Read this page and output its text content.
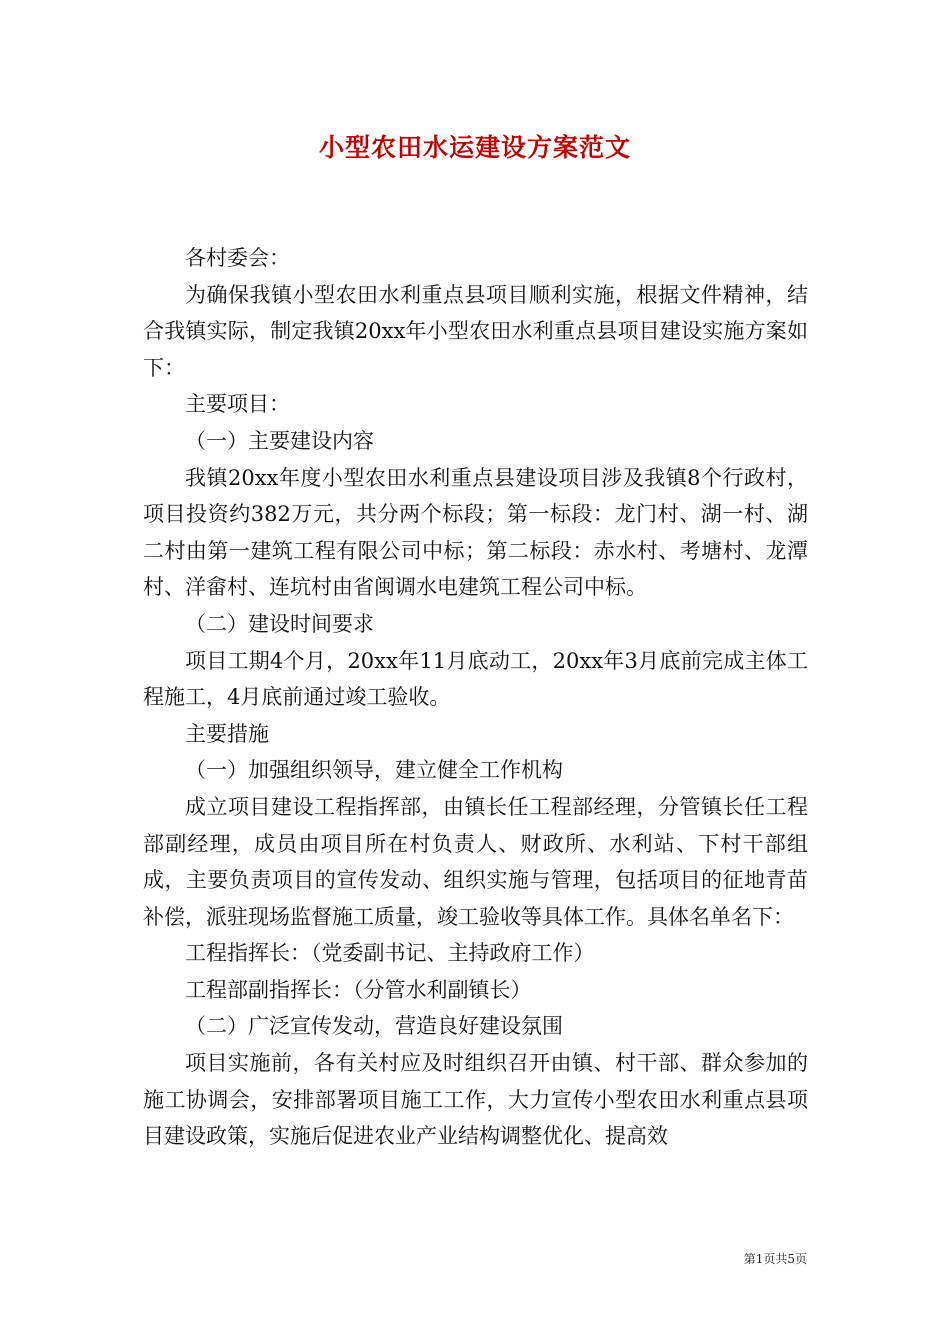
小型农田水运建设方案范文

各村委会：

为确保我镇小型农田水利重点县项目顺利实施，根据文件精神，结合我镇实际，制定我镇20xx年小型农田水利重点县项目建设实施方案如下：

主要项目：

（一）主要建设内容

我镇20xx年度小型农田水利重点县建设项目涉及我镇8个行政村，项目投资约382万元，共分两个标段；第一标段：龙门村、湖一村、湖二村由第一建筑工程有限公司中标；第二标段：赤水村、考塘村、龙潭村、洋畲村、连坑村由省闽调水电建筑工程公司中标。

（二）建设时间要求

项目工期4个月，20xx年11月底动工，20xx年3月底前完成主体工程施工，4月底前通过竣工验收。

主要措施

（一）加强组织领导，建立健全工作机构

成立项目建设工程指挥部，由镇长任工程部经理，分管镇长任工程部副经理，成员由项目所在村负责人、财政所、水利站、下村干部组成，主要负责项目的宣传发动、组织实施与管理，包括项目的征地青苗补偿，派驻现场监督施工质量，竣工验收等具体工作。具体名单名下：

工程指挥长：（党委副书记、主持政府工作）

工程部副指挥长：（分管水利副镇长）

（二）广泛宣传发动，营造良好建设氛围

项目实施前，各有关村应及时组织召开由镇、村干部、群众参加的施工协调会，安排部署项目施工工作，大力宣传小型农田水利重点县项目建设政策，实施后促进农业产业结构调整优化、提高效

第1页共5页
